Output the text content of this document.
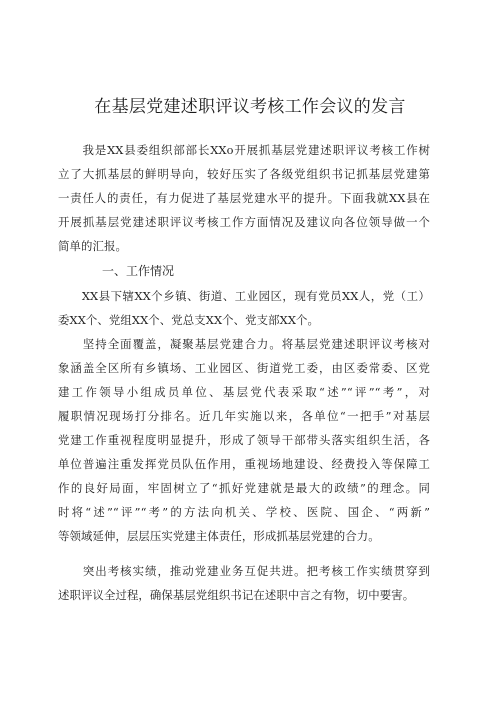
在基层党建述职评议考核工作会议的发言
　　我是XX县委组织部部长XXo开展抓基层党建述职评议考核工作树
立了大抓基层的鲜明导向，较好压实了各级党组织书记抓基层党建第
一责任人的责任，有力促进了基层党建水平的提升。下面我就XX县在
开展抓基层党建述职评议考核工作方面情况及建议向各位领导做一个
简单的汇报。
一、工作情况
　　XX县下辖XX个乡镇、街道、工业园区，现有党员XX人，党（工）
委XX个、党组XX个、党总支XX个、党支部XX个。
　　坚持全面覆盖，凝聚基层党建合力。将基层党建述职评议考核对
象涵盖全区所有乡镇场、工业园区、街道党工委，由区委常委、区党
建工作领导小组成员单位、基层党代表采取“述”“评”“考”，对
履职情况现场打分排名。近几年实施以来，各单位“一把手”对基层
党建工作重视程度明显提升，形成了领导干部带头落实组织生活，各
单位普遍注重发挥党员队伍作用，重视场地建设、经费投入等保障工
作的良好局面，牢固树立了“抓好党建就是最大的政绩”的理念。同
时将“述”“评”“考”的方法向机关、学校、医院、国企、“两新”
等领域延伸，层层压实党建主体责任，形成抓基层党建的合力。
　　突出考核实绩，推动党建业务互促共进。把考核工作实绩贯穿到
述职评议全过程，确保基层党组织书记在述职中言之有物，切中要害。
